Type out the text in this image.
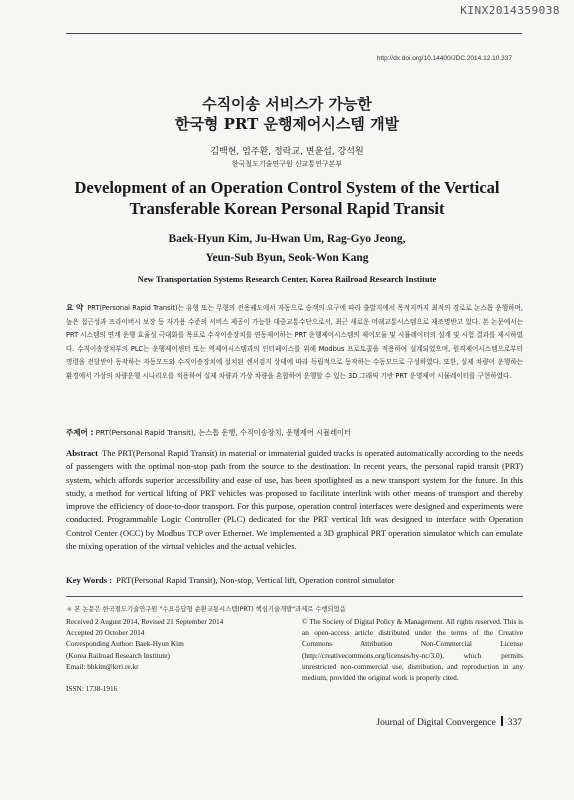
KINX2014359038
http://dx.doi.org/10.14400/JDC.2014.12.10.337
수직이송 서비스가 가능한
한국형 PRT 운행제어시스템 개발
김백현, 엄주환, 정락교, 변윤섭, 강석원
한국철도기술연구원 신교통연구본부
Development of an Operation Control System of the Vertical
Transferable Korean Personal Rapid Transit
Baek-Hyun Kim, Ju-Hwan Um, Rag-Gyo Jeong,
Yeun-Sub Byun, Seok-Won Kang
New Transportation Systems Research Center, Korea Railroad Research Institute
요 약 PRT(Personal Rapid Transit)는 유형 또는 무형의 전용궤도에서 자동으로 승객의 요구에 따라 출발지에서 목적지까지 최적의 경로로 논스톱 운행하며, 높은 접근성과 프라이버시 보장 등 자가용 수준의 서비스 제공이 가능한 대중교통수단으로서, 최근 새로운 미래교통시스템으로 재조명받고 있다. 본 논문에서는 PRT 시스템의 연계 운행 효율성 극대화를 목표로 수직이송장치를 연동제어하는 PRT 운행제어시스템의 제어모듈 및 시뮬레이터의 설계 및 시험 결과를 제시하였다. 수직이송장치부의 PLC는 운행제어센터 또는 역제어시스템과의 인터페이스를 위해 Modbus 프로토콜을 적용하여 설계되었으며, 원격제어시스템으로부터 명령을 전달받아 동작하는 자동모드와 수직이송장치에 설치된 센서검지 상태에 따라 독립적으로 동작하는 수동모드로 구성하였다. 또한, 실제 차량이 운행하는 환경에서 가상의 차량운행 시나리오를 적용하여 실제 차량과 가상 차량을 혼합하여 운행할 수 있는 3D 그래픽 기반 PRT 운영제어 시뮬레이터를 구현하였다.
주제어 : PRT(Personal Rapid Transit), 논스톱 운행, 수직이송장치, 운행제어 시뮬레이터
Abstract The PRT(Personal Rapid Transit) in material or immaterial guided tracks is operated automatically according to the needs of passengers with the optimal non-stop path from the source to the destination. In recent years, the personal rapid transit (PRT) system, which affords superior accessibility and ease of use, has been spotlighted as a new transport system for the future. In this study, a method for vertical lifting of PRT vehicles was proposed to facilitate interlink with other means of transport and thereby improve the efficiency of door-to-door transport. For this purpose, operation control interfaces were designed and experiments were conducted. Programmable Logic Controller (PLC) dedicated for the PRT vertical lift was designed to interface with Operation Control Center (OCC) by Modbus TCP over Ethernet. We implemented a 3D graphical PRT operation simulator which can emulate the mixing operation of the virtual vehicles and the actual vehicles.
Key Words : PRT(Personal Rapid Transit), Non-stop, Vertical lift, Operation control simulator
＊ 본 논문은 한국철도기술연구원 "수요응답형 순환교통시스템(PRT) 핵심기술개발"과제로 수행되었음
Received 2 August 2014, Revised 21 September 2014
Accepted 20 October 2014
Corresponding Author: Baek-Hyun Kim
(Korea Railroad Research Institute)
Email: bhkim@krri.re.kr
ISSN: 1738-1916
© The Society of Digital Policy & Management. All rights reserved. This is an open-access article distributed under the terms of the Creative Commons Attribution Non-Commercial License (http://creativecommons.org/licenses/by-nc/3.0), which permits unrestricted non-commercial use, distribution, and reproduction in any medium, provided the original work is properly cited.
Journal of Digital Convergence 337
